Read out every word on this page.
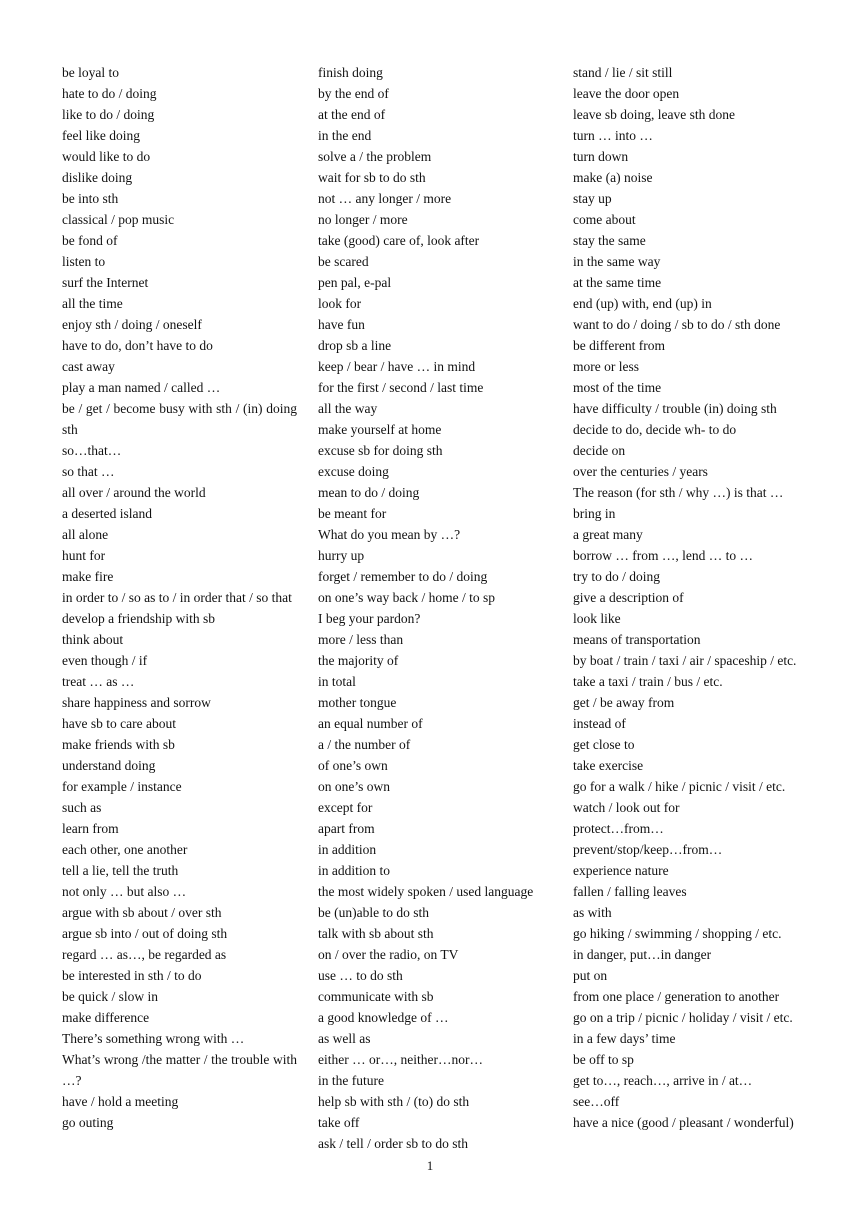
be loyal to

hate to do / doing

like to do / doing

feel like doing

would like to do

dislike doing

be into sth

classical / pop music

be fond of

listen to

surf the Internet

all the time

enjoy sth / doing / oneself

have to do, don’t have to do

cast away

play a man named / called …

be / get / become busy with sth / (in) doing sth

so…that…

so that …

all over / around the world

a deserted island

all alone

hunt for

make fire

in order to / so as to / in order that / so that

develop a friendship with sb

think about

even though / if

treat … as …

share happiness and sorrow

have sb to care about

make friends with sb

understand doing

for example / instance

such as

learn from

each other, one another

tell a lie, tell the truth

not only … but also …

argue with sb about / over sth

argue sb into / out of doing sth

regard … as…, be regarded as

be interested in sth / to do

be quick / slow in

make difference

There’s something wrong with …

What’s wrong /the matter / the trouble with …?

have / hold a meeting

go outing

finish doing

by the end of

at the end of

in the end

solve a / the problem

wait for sb to do sth

not … any longer / more

no longer / more

take (good) care of, look after

be scared

pen pal, e-pal

look for

have fun

drop sb a line

keep / bear / have … in mind

for the first / second / last time

all the way

make yourself at home

excuse sb for doing sth

excuse doing

mean to do / doing

be meant for

What do you mean by …?

hurry up

forget / remember to do / doing

on one’s way back / home / to sp

I beg your pardon?

more / less than

the majority of

in total

mother tongue

an equal number of

a / the number of

of one’s own

on one’s own

except for

apart from

in addition

in addition to

the most widely spoken / used language

be (un)able to do sth

talk with sb about sth

on / over the radio, on TV

use … to do sth

communicate with sb

a good knowledge of …

as well as

either … or…, neither…nor…

in the future

help sb with sth / (to) do sth

take off

ask / tell / order sb to do sth

stand / lie / sit still

leave the door open

leave sb doing, leave sth done

turn … into …

turn down

make (a) noise

stay up

come about

stay the same

in the same way

at the same time

end (up) with, end (up) in

want to do / doing / sb to do / sth done

be different from

more or less

most of the time

have difficulty / trouble (in) doing sth

decide to do, decide wh- to do

decide on

over the centuries / years

The reason (for sth / why …) is that …

bring in

a great many

borrow … from …, lend … to …

try to do / doing

give a description of

look like

means of transportation

by boat / train / taxi / air / spaceship / etc.

take a taxi / train / bus / etc.

get / be away from

instead of

get close to

take exercise

go for a walk / hike / picnic / visit / etc.

watch / look out for

protect…from…

prevent/stop/keep…from…

experience nature

fallen / falling leaves

as with

go hiking / swimming / shopping / etc.

in danger, put…in danger

put on

from one place / generation to another

go on a trip / picnic / holiday / visit / etc.

in a few days’ time

be off to sp

get to…, reach…, arrive in / at…

see…off

have a nice (good / pleasant / wonderful)

1
